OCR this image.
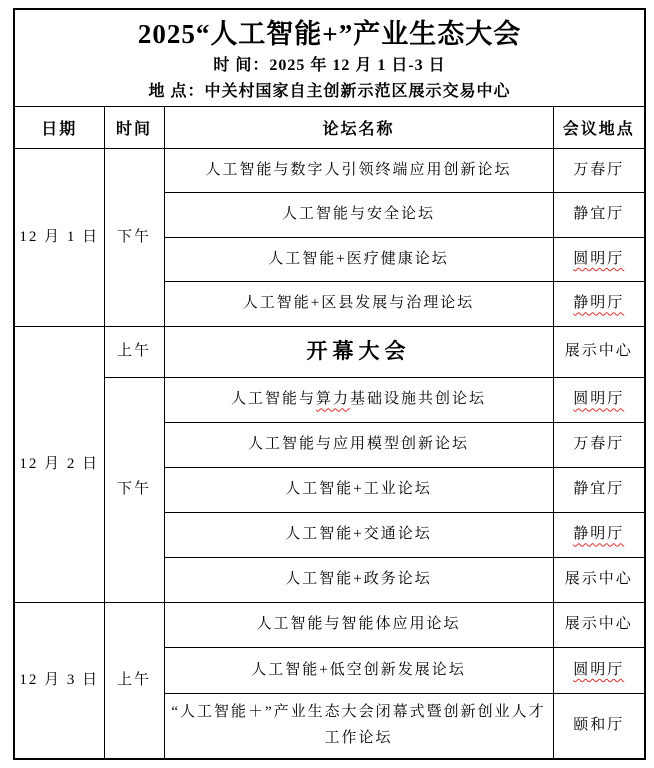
2025“人工智能+”产业生态大会
时 间：2025 年 12 月 1 日-3 日
地 点：中关村国家自主创新示范区展示交易中心			

日期	时间	论坛名称	会议地点
12 月 1 日	下午	人工智能与数字人引领终端应用创新论坛	万春厅
		人工智能与安全论坛	静宜厅
		人工智能+医疗健康论坛	圆明厅
		人工智能+区县发展与治理论坛	静明厅
12 月 2 日	上午	开幕大会	展示中心
	下午	人工智能与算力基础设施共创论坛	圆明厅
		人工智能与应用模型创新论坛	万春厅
		人工智能+工业论坛	静宜厅
		人工智能+交通论坛	静明厅
		人工智能+政务论坛	展示中心
12 月 3 日	上午	人工智能与智能体应用论坛	展示中心
		人工智能+低空创新发展论坛	圆明厅
		“人工智能＋”产业生态大会闭幕式暨创新创业人才工作论坛	颐和厅
